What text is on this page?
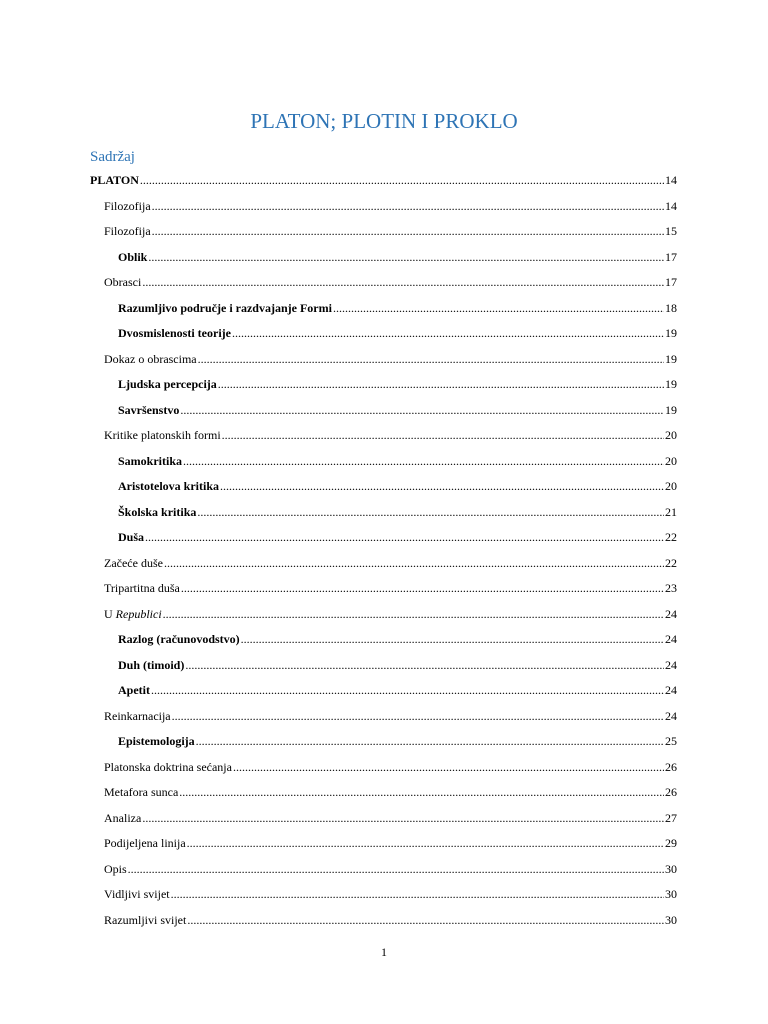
PLATON; PLOTIN I PROKLO
Sadržaj
PLATON .....	14
Filozofija .....	14
Filozofija .....	15
Oblik .....	17
Obrasci .....	17
Razumljivo područje i razdvajanje Formi .....	18
Dvosmislenosti teorije .....	19
Dokaz o obrascima .....	19
Ljudska percepcija .....	19
Savršenstvo .....	19
Kritike platonskih formi .....	20
Samokritika .....	20
Aristotelova kritika .....	20
Školska kritika .....	21
Duša .....	22
Začeće duše .....	22
Tripartitna duša .....	23
U Republici .....	24
Razlog (računovodstvo) .....	24
Duh (timoid) .....	24
Apetit .....	24
Reinkarnacija .....	24
Epistemologija .....	25
Platonska doktrina sećanja .....	26
Metafora sunca .....	26
Analiza .....	27
Podijeljena linija .....	29
Opis .....	30
Vidljivi svijet .....	30
Razumljivi svijet .....	30
1
